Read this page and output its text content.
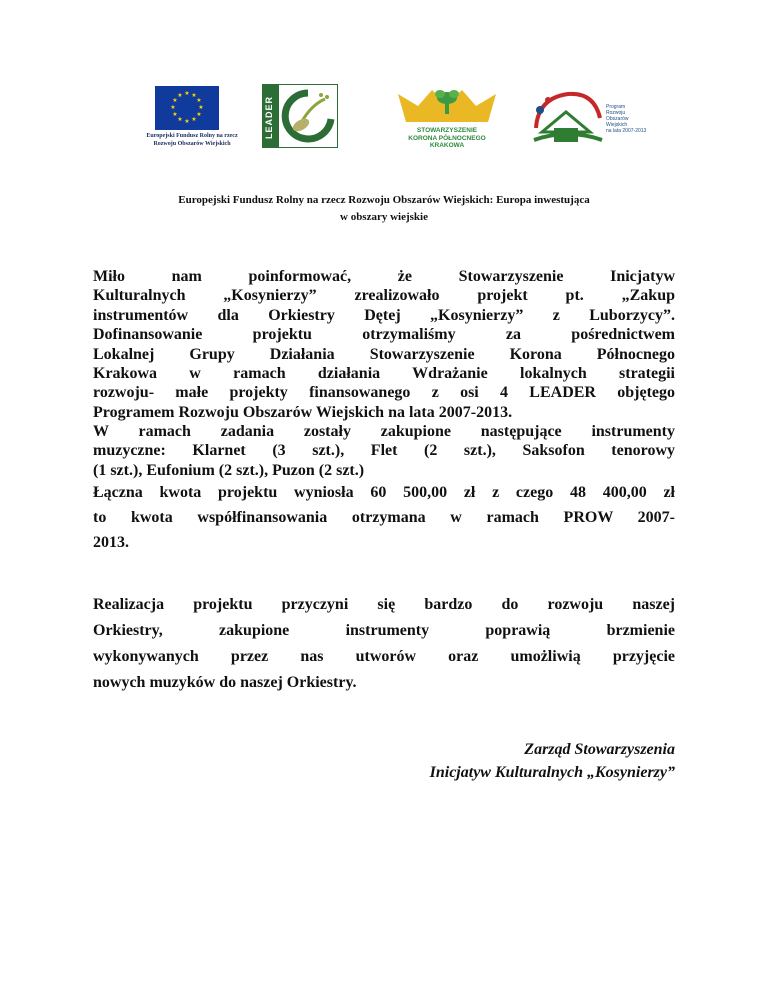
★ ★
★
★
★
★
★
★
★
★
★
★
Europejski Fundusz Rolny na rzecz
Rozwoju Obszarów Wiejskich
LEADER	STOWARZYSZENIE
KORONA PÓŁNOCNEGO
KRAKOWA
Program
Rozwoju
Obszarów
Wiejskich
na lata 2007-2013
Europejski Fundusz Rolny na rzecz Rozwoju Obszarów Wiejskich: Europa inwestująca
w obszary wiejskie
Miło nam poinformować, że Stowarzyszenie Inicjatyw
Kulturalnych „Kosynierzy” zrealizowało projekt pt. „Zakup
instrumentów dla Orkiestry Dętej „Kosynierzy” z Luborzycy”.
Dofinansowanie projektu otrzymaliśmy za pośrednictwem
Lokalnej Grupy Działania Stowarzyszenie Korona Północnego
Krakowa w ramach działania Wdrażanie lokalnych strategii
rozwoju- małe projekty finansowanego z osi 4 LEADER objętego
Programem Rozwoju Obszarów Wiejskich na lata 2007-2013.
W ramach zadania zostały zakupione następujące instrumenty
muzyczne: Klarnet (3 szt.), Flet (2 szt.), Saksofon tenorowy
(1 szt.), Eufonium (2 szt.), Puzon (2 szt.)
Łączna kwota projektu wyniosła 60 500,00 zł z czego 48 400,00 zł
to kwota współfinansowania otrzymana w ramach PROW 2007-
2013.
Realizacja projektu przyczyni się bardzo do rozwoju naszej
Orkiestry, zakupione instrumenty poprawią brzmienie
wykonywanych przez nas utworów oraz umożliwią przyjęcie
nowych muzyków do naszej Orkiestry.
Zarząd Stowarzyszenia
Inicjatyw Kulturalnych „Kosynierzy”
